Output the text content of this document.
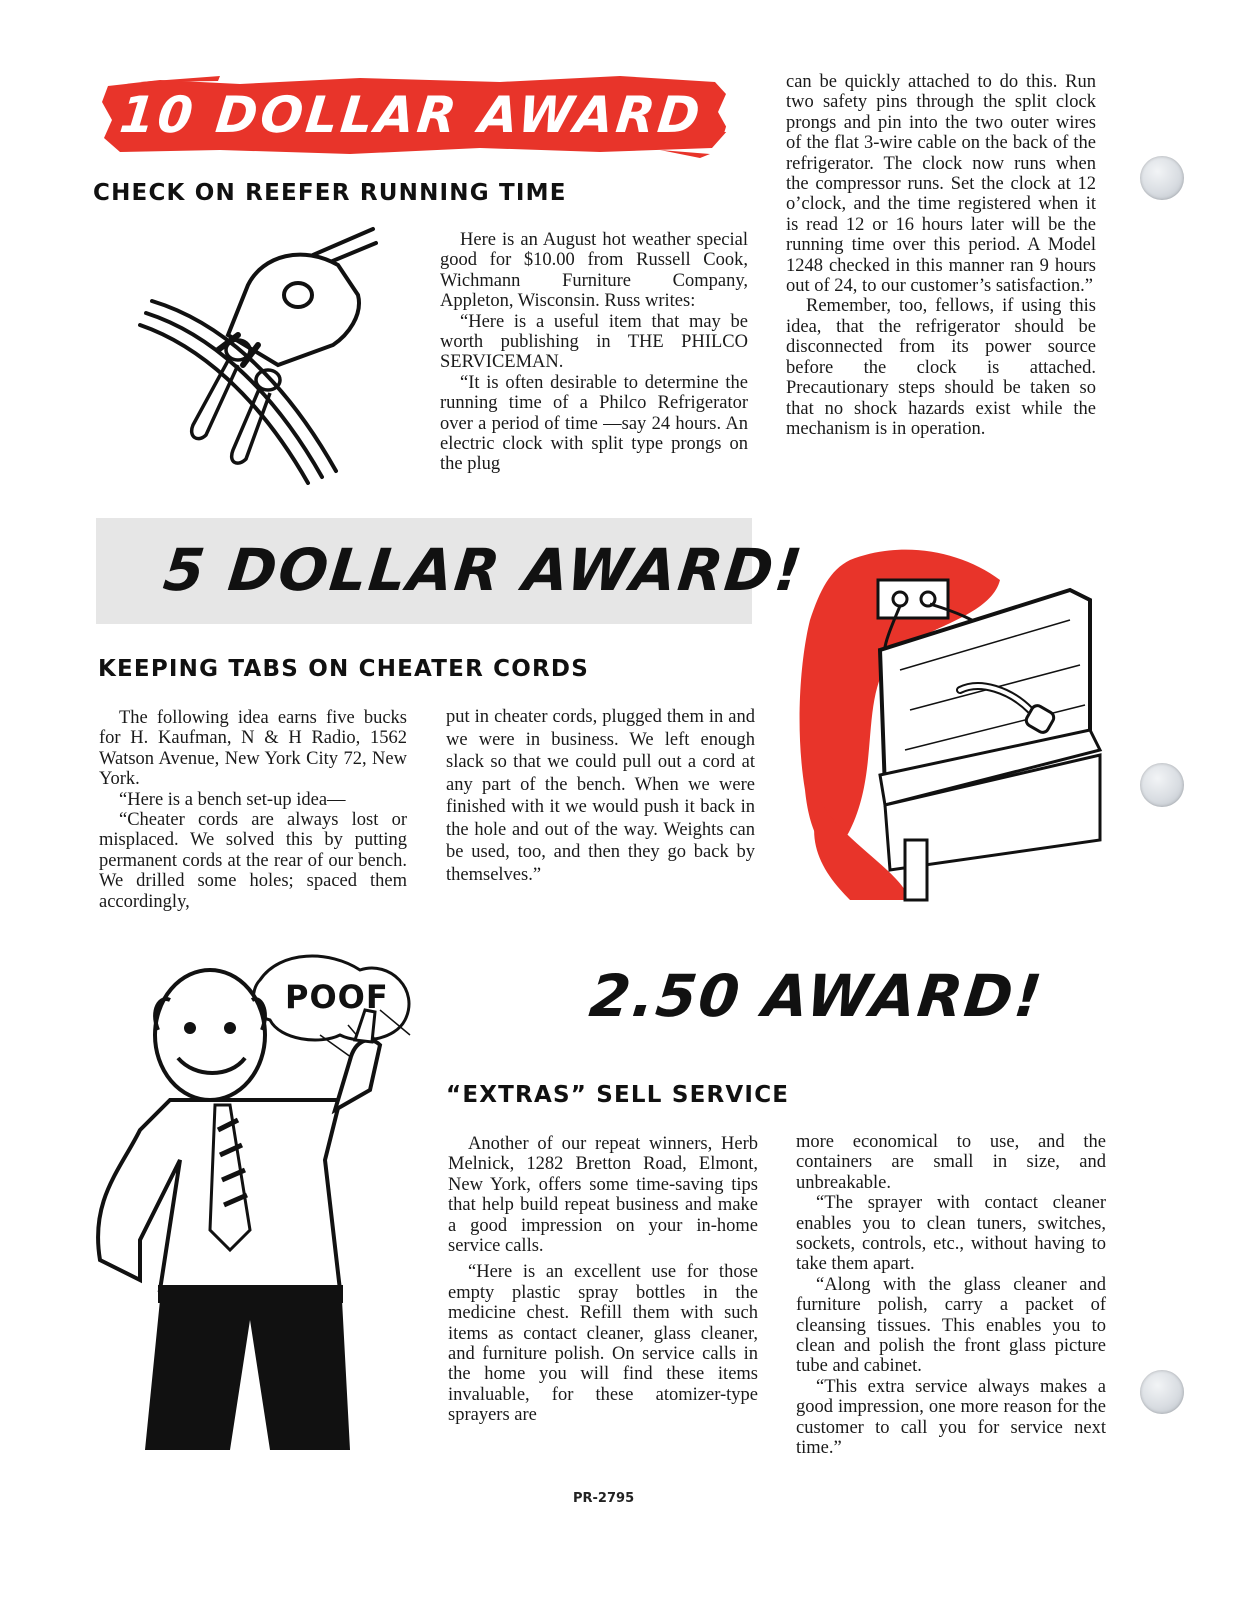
10 DOLLAR AWARD !
CHECK ON REEFER RUNNING TIME

Here is an August hot weather special good for $10.00 from Russell Cook, Wichmann Furniture Company, Appleton, Wisconsin. Russ writes:

“Here is a useful item that may be worth publishing in THE PHILCO SERVICEMAN.

“It is often desirable to determine the running time of a Philco Refrigerator over a period of time —say 24 hours. An electric clock with split type prongs on the plug

can be quickly attached to do this. Run two safety pins through the split clock prongs and pin into the two outer wires of the flat 3-wire cable on the back of the refrigerator. The clock now runs when the compressor runs. Set the clock at 12 o’clock, and the time registered when it is read 12 or 16 hours later will be the running time over this period. A Model 1248 checked in this manner ran 9 hours out of 24, to our customer’s satisfaction.”

Remember, too, fellows, if using this idea, that the refrigerator should be disconnected from its power source before the clock is attached. Precautionary steps should be taken so that no shock hazards exist while the mechanism is in operation.

5 DOLLAR AWARD!
KEEPING TABS ON CHEATER CORDS

The following idea earns five bucks for H. Kaufman, N & H Radio, 1562 Watson Avenue, New York City 72, New York.

“Here is a bench set-up idea—

“Cheater cords are always lost or misplaced. We solved this by putting permanent cords at the rear of our bench. We drilled some holes; spaced them accordingly,

put in cheater cords, plugged them in and we were in business. We left enough slack so that we could pull out a cord at any part of the bench. When we were finished with it we would push it back in the hole and out of the way. Weights can be used, too, and then they go back by themselves.”

POOF	2.50 AWARD!
“EXTRAS” SELL SERVICE

Another of our repeat winners, Herb Melnick, 1282 Bretton Road, Elmont, New York, offers some time-saving tips that help build repeat business and make a good impression on your in-home service calls.

“Here is an excellent use for those empty plastic spray bottles in the medicine chest. Refill them with such items as contact cleaner, glass cleaner, and furniture polish. On service calls in the home you will find these items invaluable, for these atomizer-type sprayers are

more economical to use, and the containers are small in size, and unbreakable.

“The sprayer with contact cleaner enables you to clean tuners, switches, sockets, controls, etc., without having to take them apart.

“Along with the glass cleaner and furniture polish, carry a packet of cleansing tissues. This enables you to clean and polish the front glass picture tube and cabinet.

“This extra service always makes a good impression, one more reason for the customer to call you for service next time.”

PR-2795
